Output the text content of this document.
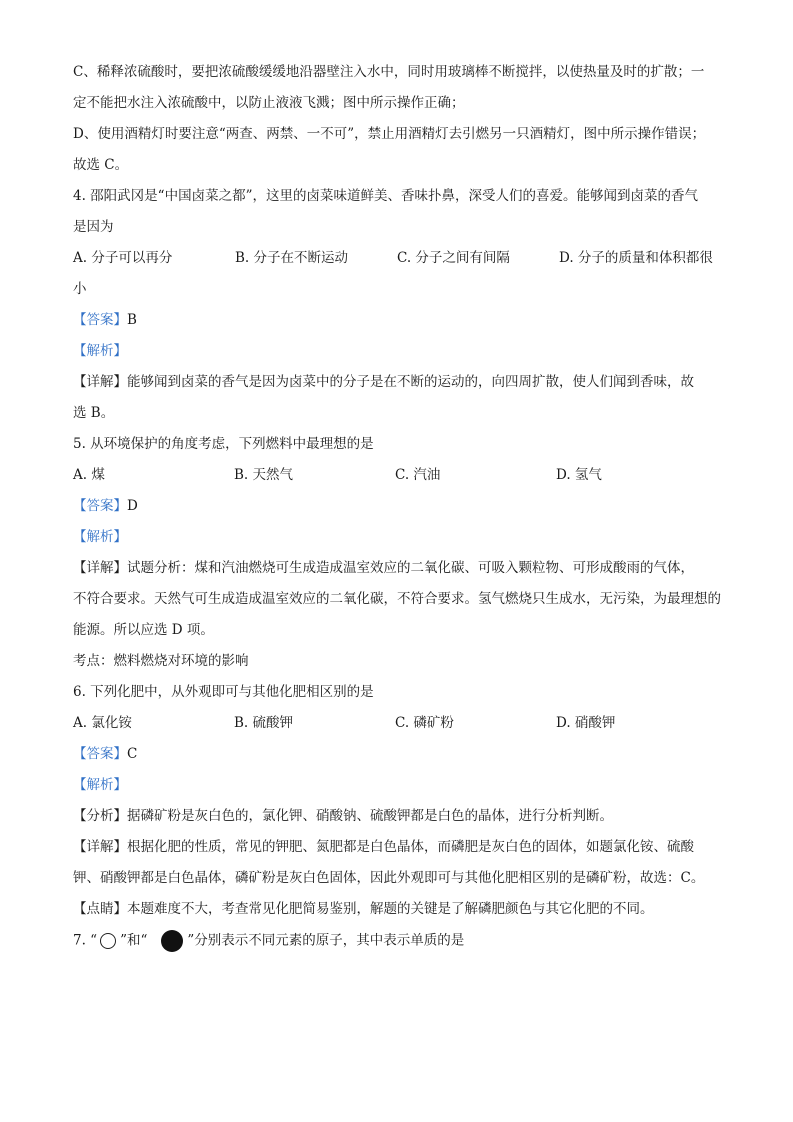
C、稀释浓硫酸时，要把浓硫酸缓缓地沿器壁注入水中，同时用玻璃棒不断搅拌，以使热量及时的扩散；一
定不能把水注入浓硫酸中，以防止液液飞溅；图中所示操作正确；
D、使用酒精灯时要注意“两查、两禁、一不可”，禁止用酒精灯去引燃另一只酒精灯，图中所示操作错误；
故选 C。
4. 邵阳武冈是“中国卤菜之都”，这里的卤菜味道鲜美、香味扑鼻，深受人们的喜爱。能够闻到卤菜的香气
是因为
A. 分子可以再分	B. 分子在不断运动	C. 分子之间有间隔	D. 分子的质量和体积都很
小
【答案】B
【解析】
【详解】能够闻到卤菜的香气是因为卤菜中的分子是在不断的运动的，向四周扩散，使人们闻到香味，故
选 B。
5. 从环境保护的角度考虑，下列燃料中最理想的是
A. 煤	B. 天然气	C. 汽油	D. 氢气
【答案】D
【解析】
【详解】试题分析：煤和汽油燃烧可生成造成温室效应的二氧化碳、可吸入颗粒物、可形成酸雨的气体，
不符合要求。天然气可生成造成温室效应的二氧化碳，不符合要求。氢气燃烧只生成水，无污染，为最理想的
能源。所以应选 D 项。
考点：燃料燃烧对环境的影响
6. 下列化肥中，从外观即可与其他化肥相区别的是
A. 氯化铵	B. 硫酸钾	C. 磷矿粉	D. 硝酸钾
【答案】C
【解析】
【分析】据磷矿粉是灰白色的，氯化钾、硝酸钠、硫酸钾都是白色的晶体，进行分析判断。
【详解】根据化肥的性质，常见的钾肥、氮肥都是白色晶体，而磷肥是灰白色的固体，如题氯化铵、硫酸
钾、硝酸钾都是白色晶体，磷矿粉是灰白色固体，因此外观即可与其他化肥相区别的是磷矿粉，故选：C。
【点睛】本题难度不大，考查常见化肥简易鉴别，解题的关键是了解磷肥颜色与其它化肥的不同。
7. “ ”和“	”分别表示不同元素的原子，其中表示单质的是
